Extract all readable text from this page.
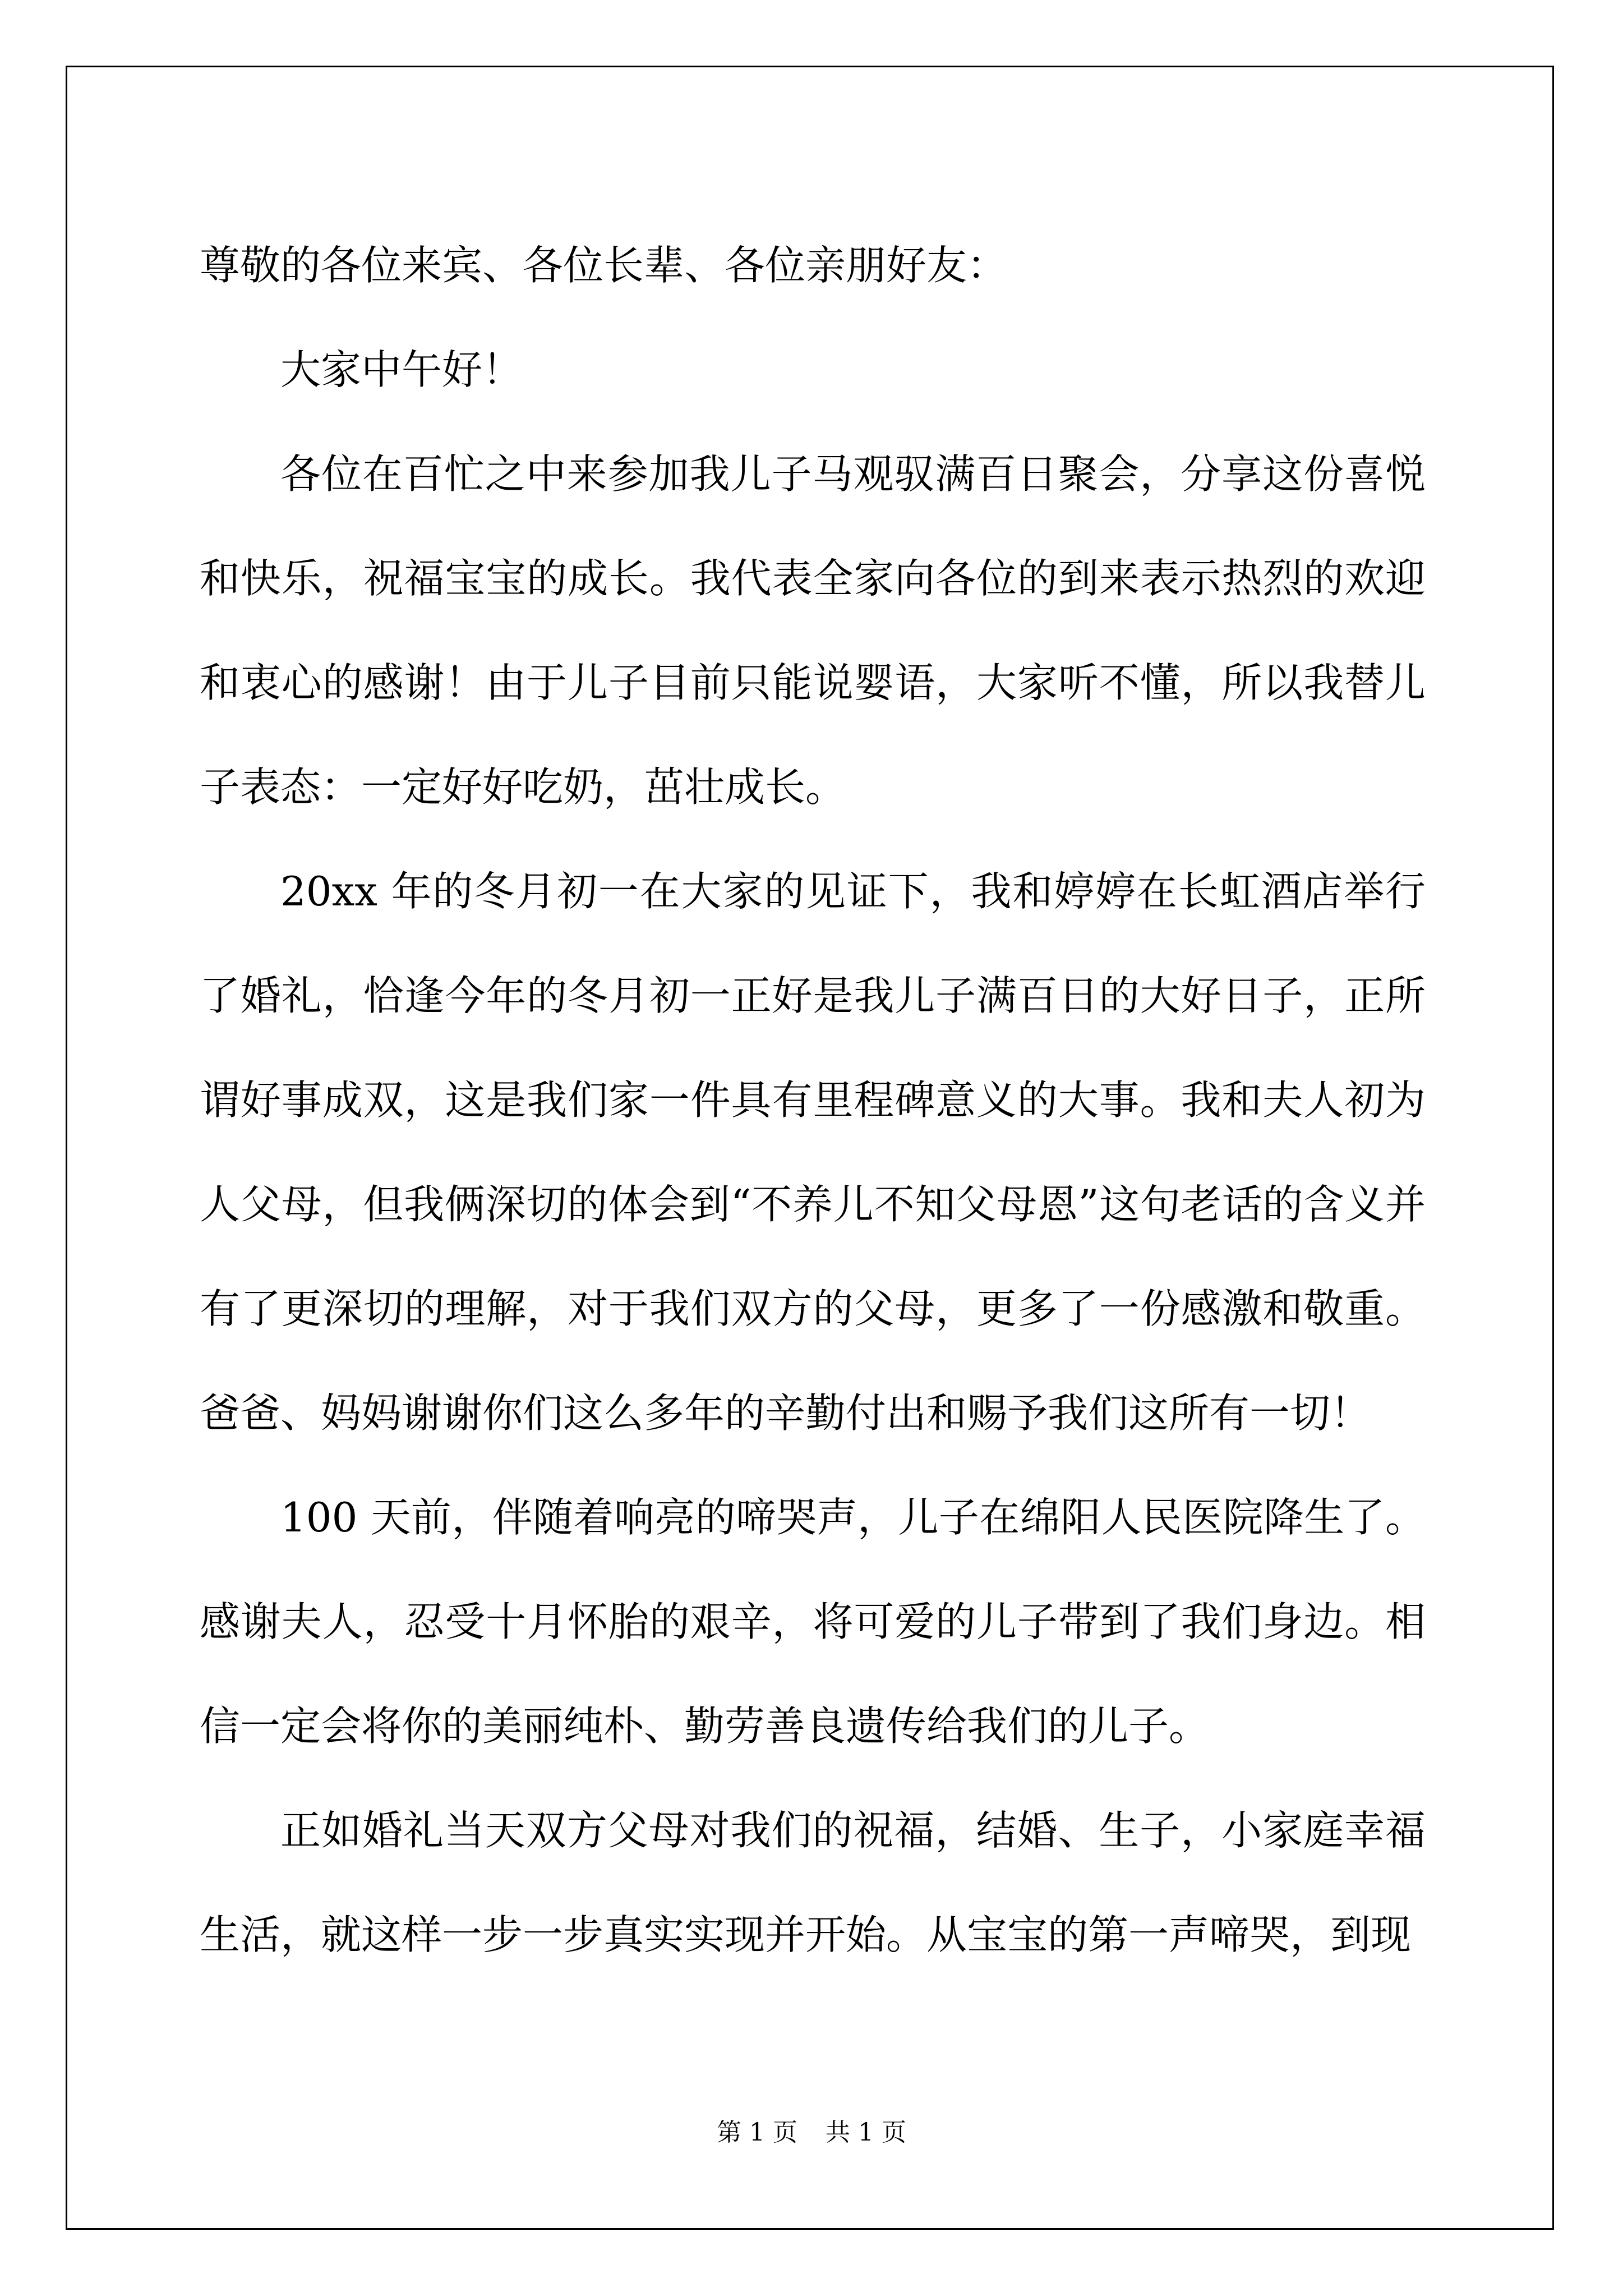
尊敬的各位来宾、各位长辈、各位亲朋好友：

大家中午好！

各位在百忙之中来参加我儿子马观驭满百日聚会，分享这份喜悦和快乐，祝福宝宝的成长。我代表全家向各位的到来表示热烈的欢迎和衷心的感谢！由于儿子目前只能说婴语，大家听不懂，所以我替儿子表态：一定好好吃奶，茁壮成长。

20xx 年的冬月初一在大家的见证下，我和婷婷在长虹酒店举行了婚礼，恰逢今年的冬月初一正好是我儿子满百日的大好日子，正所谓好事成双，这是我们家一件具有里程碑意义的大事。我和夫人初为人父母，但我俩深切的体会到“不养儿不知父母恩”这句老话的含义并有了更深切的理解，对于我们双方的父母，更多了一份感激和敬重。爸爸、妈妈谢谢你们这么多年的辛勤付出和赐予我们这所有一切！

100 天前，伴随着响亮的啼哭声，儿子在绵阳人民医院降生了。感谢夫人，忍受十月怀胎的艰辛，将可爱的儿子带到了我们身边。相信一定会将你的美丽纯朴、勤劳善良遗传给我们的儿子。

正如婚礼当天双方父母对我们的祝福，结婚、生子，小家庭幸福生活，就这样一步一步真实实现并开始。从宝宝的第一声啼哭，到现

第 1 页 共 1 页
